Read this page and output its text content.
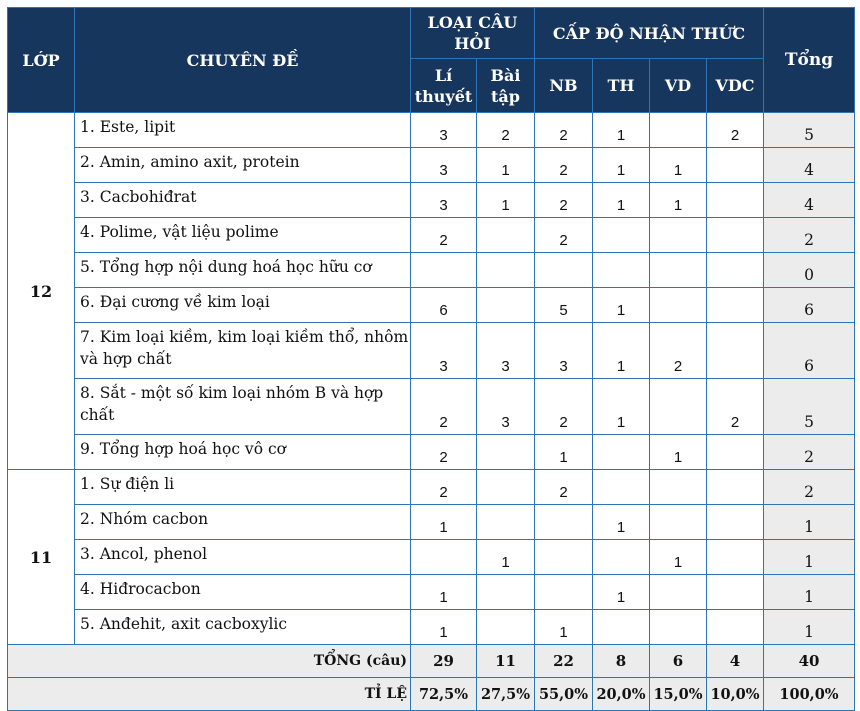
LỚP	CHUYÊN ĐỀ	LOẠI CÂU HỎI		CẤP ĐỘ NHẬN THỨC				Tổng
		Lí thuyết	Bài tập	NB	TH	VD	VDC	
12	1. Este, lipit	3	2	2	1		2	5
	2. Amin, amino axit, protein	3	1	2	1	1		4
	3. Cacbohiđrat	3	1	2	1	1		4
	4. Polime, vật liệu polime	2		2				2
	5. Tổng hợp nội dung hoá học hữu cơ							0
	6. Đại cương về kim loại	6		5	1			6
	7. Kim loại kiềm, kim loại kiềm thổ, nhôm và hợp chất	3	3	3	1	2		6
	8. Sắt - một số kim loại nhóm B và hợp chất	2	3	2	1		2	5
	9. Tổng hợp hoá học vô cơ	2		1		1		2
11	1. Sự điện li	2		2				2
	2. Nhóm cacbon	1			1			1
	3. Ancol, phenol		1			1		1
	4. Hiđrocacbon	1			1			1
	5. Anđehit, axit cacboxylic	1		1				1
TỔNG (câu)		29	11	22	8	6	4	40
TỈ LỆ		72,5%	27,5%	55,0%	20,0%	15,0%	10,0%	100,0%
